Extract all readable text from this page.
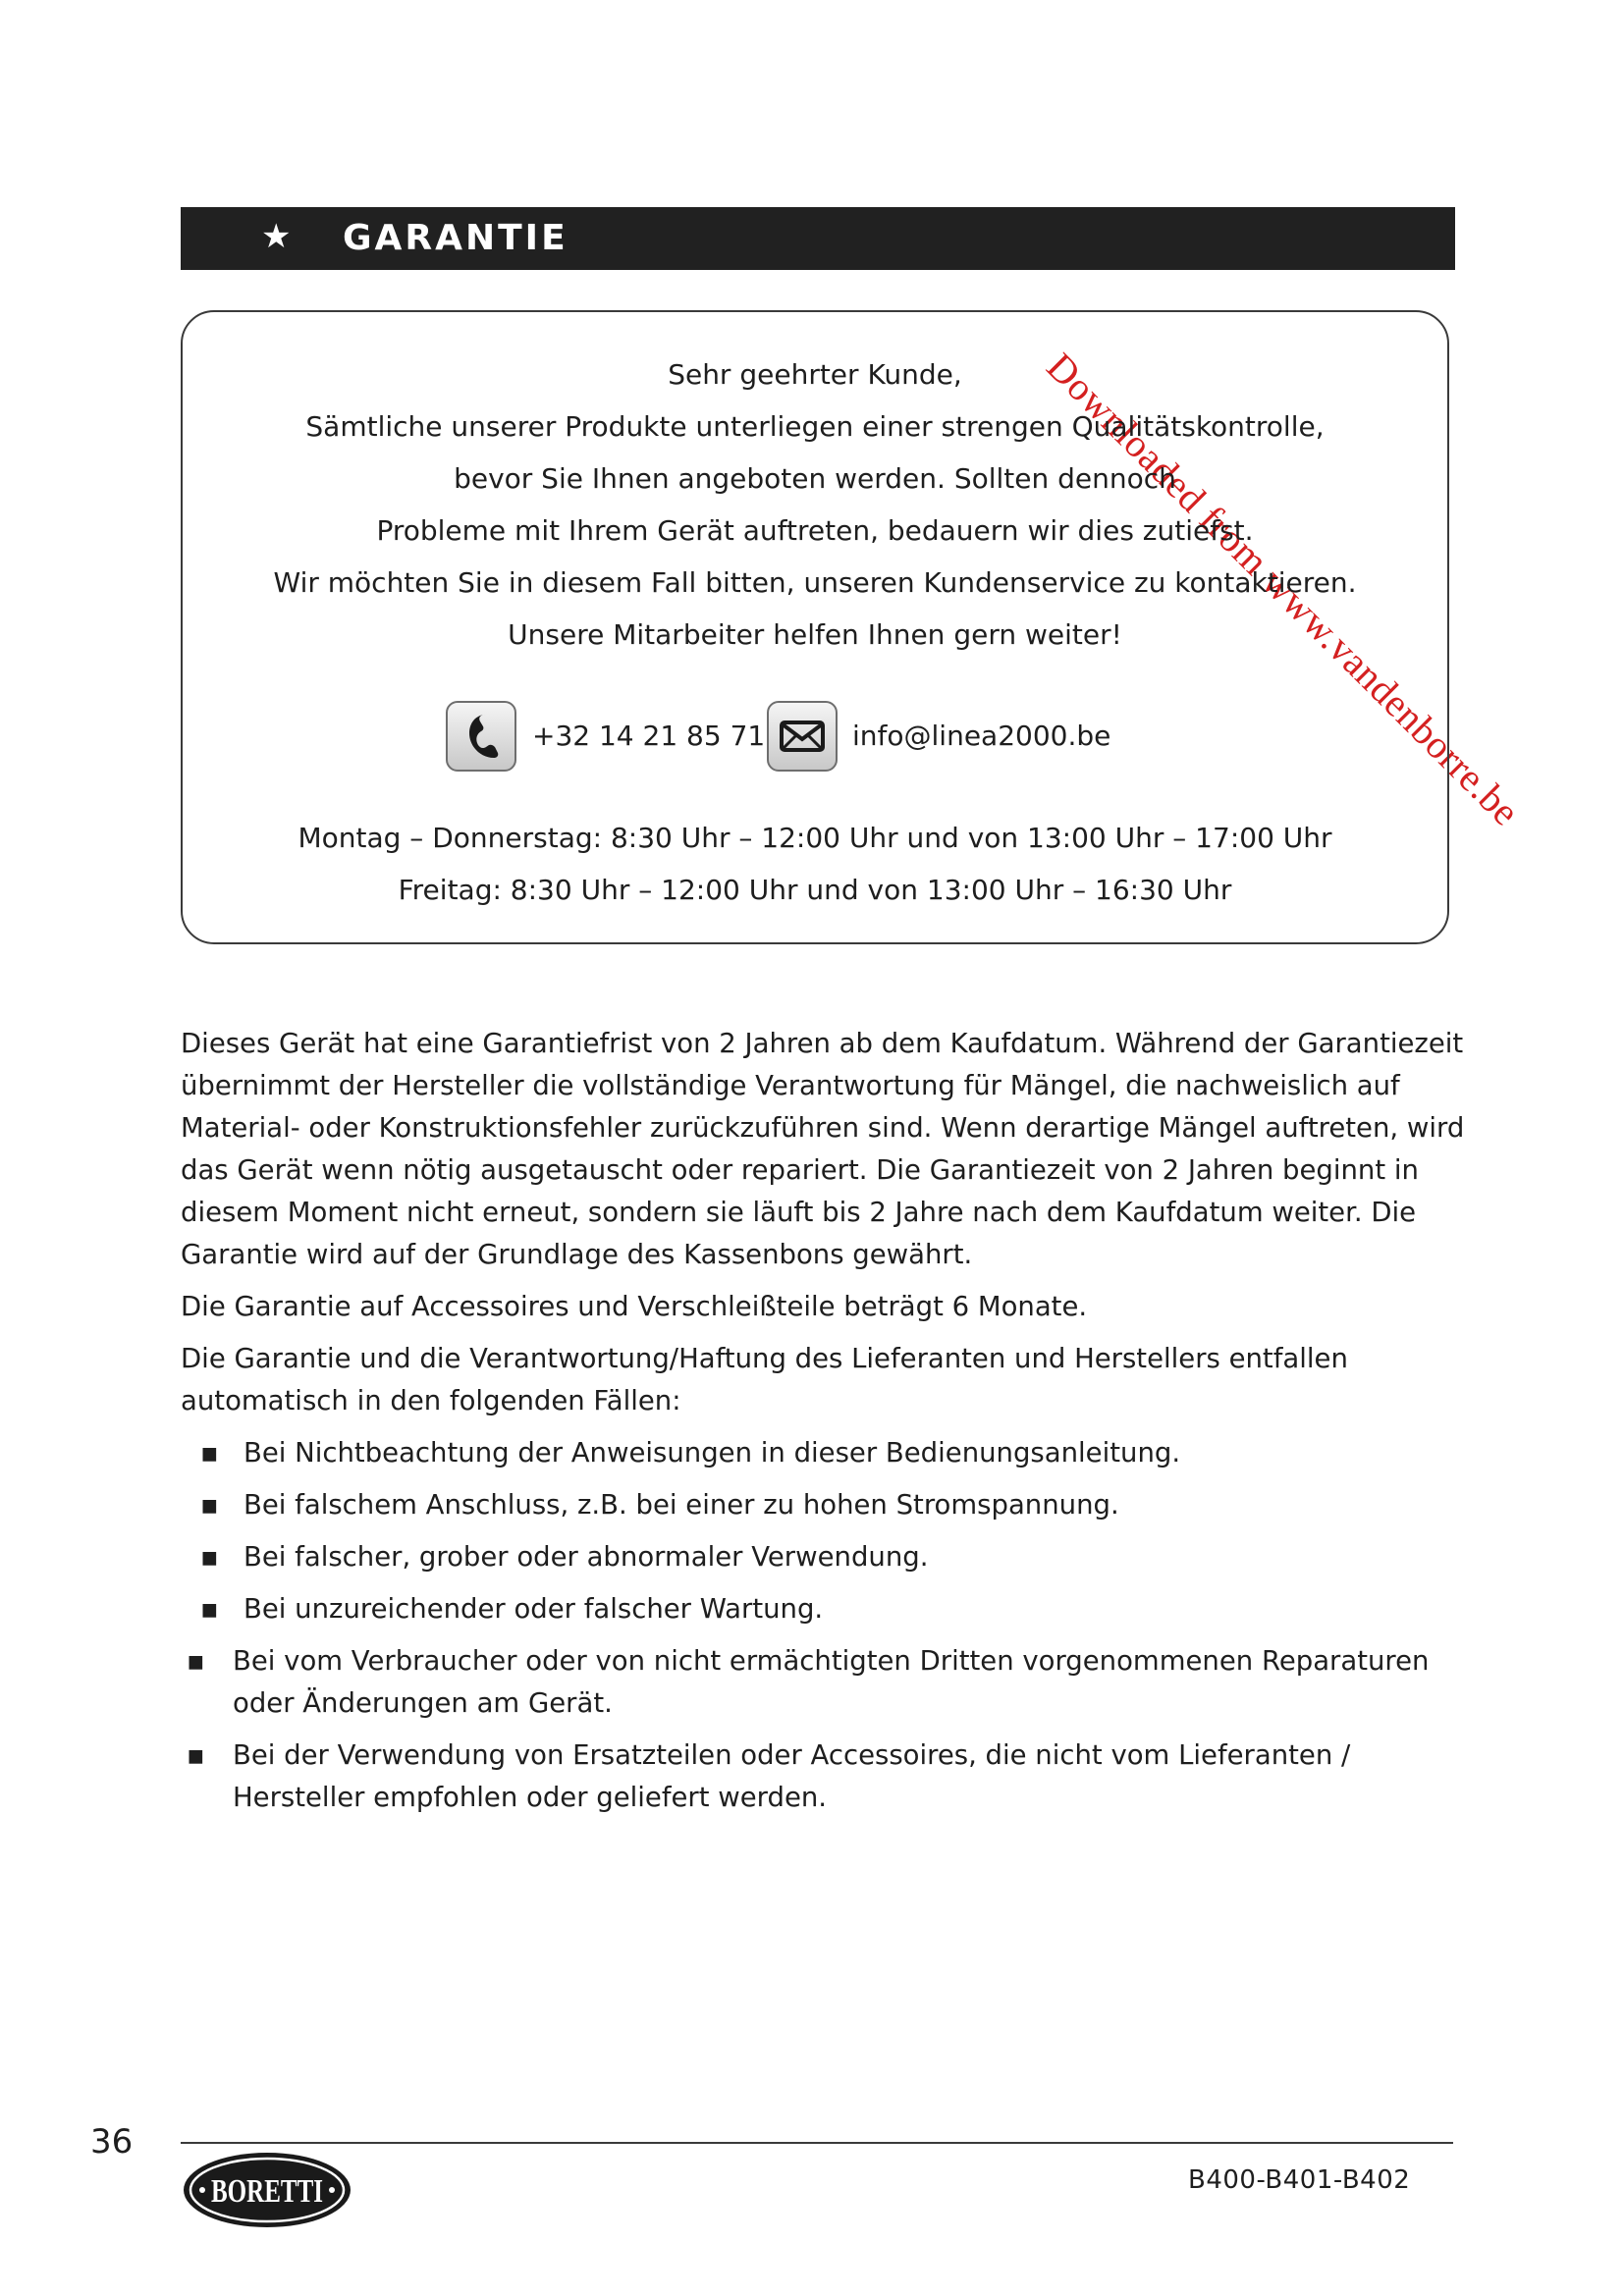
Downloaded from www.vandenborre.be
★ GARANTIE
Sehr geehrter Kunde,
Sämtliche unserer Produkte unterliegen einer strengen Qualitätskontrolle,
bevor Sie Ihnen angeboten werden. Sollten dennoch
Probleme mit Ihrem Gerät auftreten, bedauern wir dies zutiefst.
Wir möchten Sie in diesem Fall bitten, unseren Kundenservice zu kontaktieren.
Unsere Mitarbeiter helfen Ihnen gern weiter!
+32 14 21 85 71	info@linea2000.be
Montag – Donnerstag: 8:30 Uhr – 12:00 Uhr und von 13:00 Uhr – 17:00 Uhr
Freitag: 8:30 Uhr – 12:00 Uhr und von 13:00 Uhr – 16:30 Uhr

Dieses Gerät hat eine Garantiefrist von 2 Jahren ab dem Kaufdatum. Während der Garantiezeit übernimmt der Hersteller die vollständige Verantwortung für Mängel, die nachweislich auf Material- oder Konstruktionsfehler zurückzuführen sind. Wenn derartige Mängel auftreten, wird das Gerät wenn nötig ausgetauscht oder repariert. Die Garantiezeit von 2 Jahren beginnt in diesem Moment nicht erneut, sondern sie läuft bis 2 Jahre nach dem Kaufdatum weiter. Die Garantie wird auf der Grundlage des Kassenbons gewährt.

Die Garantie auf Accessoires und Verschleißteile beträgt 6 Monate.

Die Garantie und die Verantwortung/Haftung des Lieferanten und Herstellers entfallen automatisch in den folgenden Fällen:

▪ Bei Nichtbeachtung der Anweisungen in dieser Bedienungsanleitung.
▪ Bei falschem Anschluss, z.B. bei einer zu hohen Stromspannung.
▪ Bei falscher, grober oder abnormaler Verwendung.
▪ Bei unzureichender oder falscher Wartung.
▪ Bei vom Verbraucher oder von nicht ermächtigten Dritten vorgenommenen Reparaturen oder Änderungen am Gerät.
▪ Bei der Verwendung von Ersatzteilen oder Accessoires, die nicht vom Lieferanten / Hersteller empfohlen oder geliefert werden.
36
BORETTI	B400-B401-B402
